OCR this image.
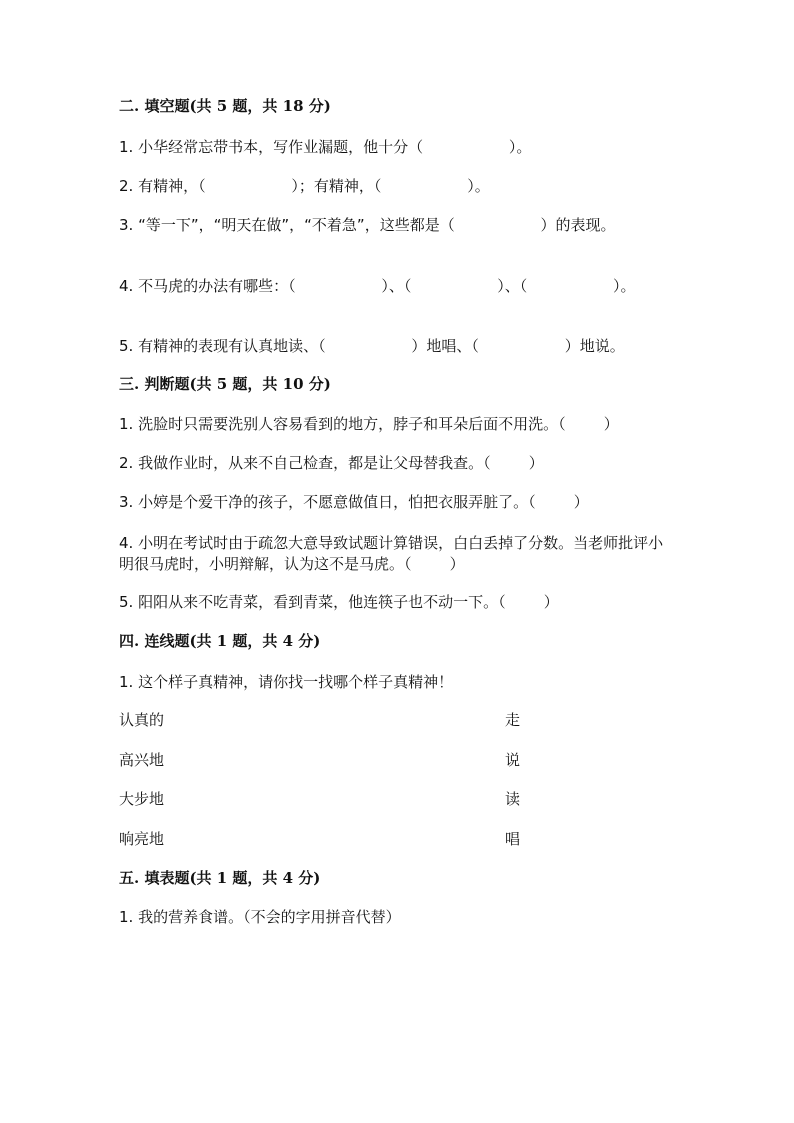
二. 填空题(共 5 题，共 18 分)
1. 小华经常忘带书本，写作业漏题，他十分（                  ）。
2. 有精神，（                  ）；有精神，（                  ）。
3. “等一下”，“明天在做”，“不着急”，这些都是（                  ）的表现。
4. 不马虎的办法有哪些：（                  ）、（                  ）、（                  ）。
5. 有精神的表现有认真地读、（                  ）地唱、（                  ）地说。
三. 判断题(共 5 题，共 10 分)
1. 洗脸时只需要洗别人容易看到的地方，脖子和耳朵后面不用洗。（        ）
2. 我做作业时，从来不自己检查，都是让父母替我查。（        ）
3. 小婷是个爱干净的孩子，不愿意做值日，怕把衣服弄脏了。（        ）
4. 小明在考试时由于疏忽大意导致试题计算错误，白白丢掉了分数。当老师批评小明很马虎时，小明辩解，认为这不是马虎。（        ）
5. 阳阳从来不吃青菜，看到青菜，他连筷子也不动一下。（        ）
四. 连线题(共 1 题，共 4 分)
1. 这个样子真精神，请你找一找哪个样子真精神！
认真的	走
高兴地	说
大步地	读
响亮地	唱
五. 填表题(共 1 题，共 4 分)
1. 我的营养食谱。（不会的字用拼音代替）
